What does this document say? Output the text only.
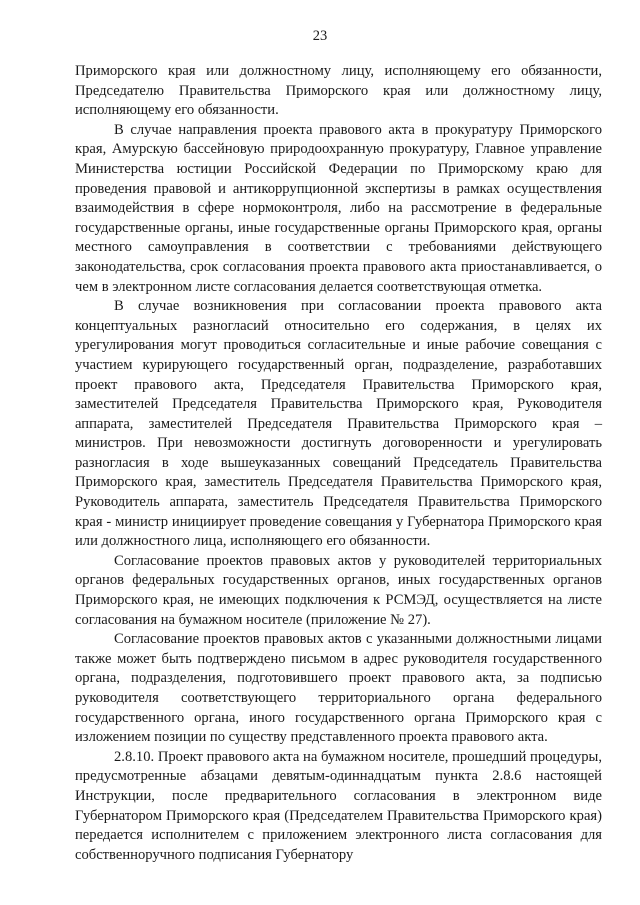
23

Приморского края или должностному лицу, исполняющему его обязанности, Председателю Правительства Приморского края или должностному лицу, исполняющему его обязанности.

В случае направления проекта правового акта в прокуратуру Приморского края, Амурскую бассейновую природоохранную прокуратуру, Главное управление Министерства юстиции Российской Федерации по Приморскому краю для проведения правовой и антикоррупционной экспертизы в рамках осуществления взаимодействия в сфере нормоконтроля, либо на рассмотрение в федеральные государственные органы, иные государственные органы Приморского края, органы местного самоуправления в соответствии с требованиями действующего законодательства, срок согласования проекта правового акта приостанавливается, о чем в электронном листе согласования делается соответствующая отметка.

В случае возникновения при согласовании проекта правового акта концептуальных разногласий относительно его содержания, в целях их урегулирования могут проводиться согласительные и иные рабочие совещания с участием курирующего государственный орган, подразделение, разработавших проект правового акта, Председателя Правительства Приморского края, заместителей Председателя Правительства Приморского края, Руководителя аппарата, заместителей Председателя Правительства Приморского края – министров. При невозможности достигнуть договоренности и урегулировать разногласия в ходе вышеуказанных совещаний Председатель Правительства Приморского края, заместитель Председателя Правительства Приморского края, Руководитель аппарата, заместитель Председателя Правительства Приморского края - министр инициирует проведение совещания у Губернатора Приморского края или должностного лица, исполняющего его обязанности.

Согласование проектов правовых актов у руководителей территориальных органов федеральных государственных органов, иных государственных органов Приморского края, не имеющих подключения к РСМЭД, осуществляется на листе согласования на бумажном носителе (приложение № 27).

Согласование проектов правовых актов с указанными должностными лицами также может быть подтверждено письмом в адрес руководителя государственного органа, подразделения, подготовившего проект правового акта, за подписью руководителя соответствующего территориального органа федерального государственного органа, иного государственного органа Приморского края с изложением позиции по существу представленного проекта правового акта.

2.8.10. Проект правового акта на бумажном носителе, прошедший процедуры, предусмотренные абзацами девятым-одиннадцатым пункта 2.8.6 настоящей Инструкции, после предварительного согласования в электронном виде Губернатором Приморского края (Председателем Правительства Приморского края) передается исполнителем с приложением электронного листа согласования для собственноручного подписания Губернатору
